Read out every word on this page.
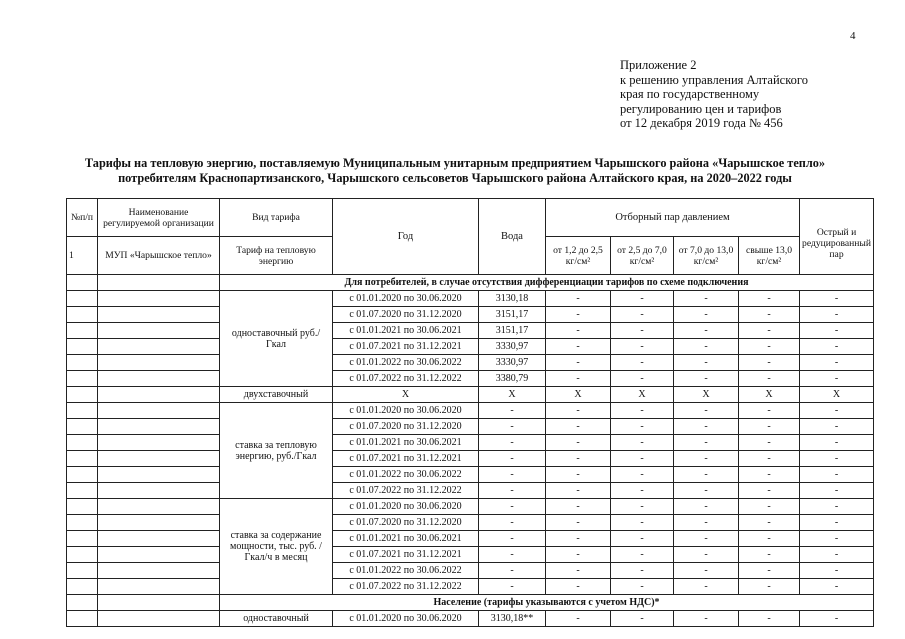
4
Приложение 2
к решению управления Алтайского
края по государственному
регулированию цен и тарифов
от 12 декабря 2019 года № 456
Тарифы на тепловую энергию, поставляемую Муниципальным унитарным предприятием Чарышского района «Чарышское тепло»
потребителям Краснопартизанского, Чарышского сельсоветов Чарышского района Алтайского края, на 2020–2022 годы
№п/п	Наименование регулируемой организации	Вид тарифа	Год	Вода	Отборный пар давлением				Острый и редуцированный пар
1	МУП «Чарышское тепло»	Тариф на тепловую энергию			от 1,2 до 2,5 кг/см²	от 2,5 до 7,0 кг/см²	от 7,0 до 13,0 кг/см²	свыше 13,0 кг/см²	
		Для потребителей, в случае отсутствия дифференциации тарифов по схеме подключения							
		одноставочный руб./Гкал	с 01.01.2020 по 30.06.2020	3130,18	-	-	-	-	-
			с 01.07.2020 по 31.12.2020	3151,17	-	-	-	-	-
			с 01.01.2021 по 30.06.2021	3151,17	-	-	-	-	-
			с 01.07.2021 по 31.12.2021	3330,97	-	-	-	-	-
			с 01.01.2022 по 30.06.2022	3330,97	-	-	-	-	-
			с 01.07.2022 по 31.12.2022	3380,79	-	-	-	-	-
		двухставочный	Х	Х	Х	Х	Х	Х	Х
		ставка за тепловую энергию, руб./Гкал	с 01.01.2020 по 30.06.2020	-	-	-	-	-	-
			с 01.07.2020 по 31.12.2020	-	-	-	-	-	-
			с 01.01.2021 по 30.06.2021	-	-	-	-	-	-
			с 01.07.2021 по 31.12.2021	-	-	-	-	-	-
			с 01.01.2022 по 30.06.2022	-	-	-	-	-	-
			с 01.07.2022 по 31.12.2022	-	-	-	-	-	-
		ставка за содержание мощности, тыс. руб. /Гкал/ч в месяц	с 01.01.2020 по 30.06.2020	-	-	-	-	-	-
			с 01.07.2020 по 31.12.2020	-	-	-	-	-	-
			с 01.01.2021 по 30.06.2021	-	-	-	-	-	-
			с 01.07.2021 по 31.12.2021	-	-	-	-	-	-
			с 01.01.2022 по 30.06.2022	-	-	-	-	-	-
			с 01.07.2022 по 31.12.2022	-	-	-	-	-	-
		Население (тарифы указываются с учетом НДС)*							
		одноставочный	с 01.01.2020 по 30.06.2020	3130,18**	-	-	-	-	-
